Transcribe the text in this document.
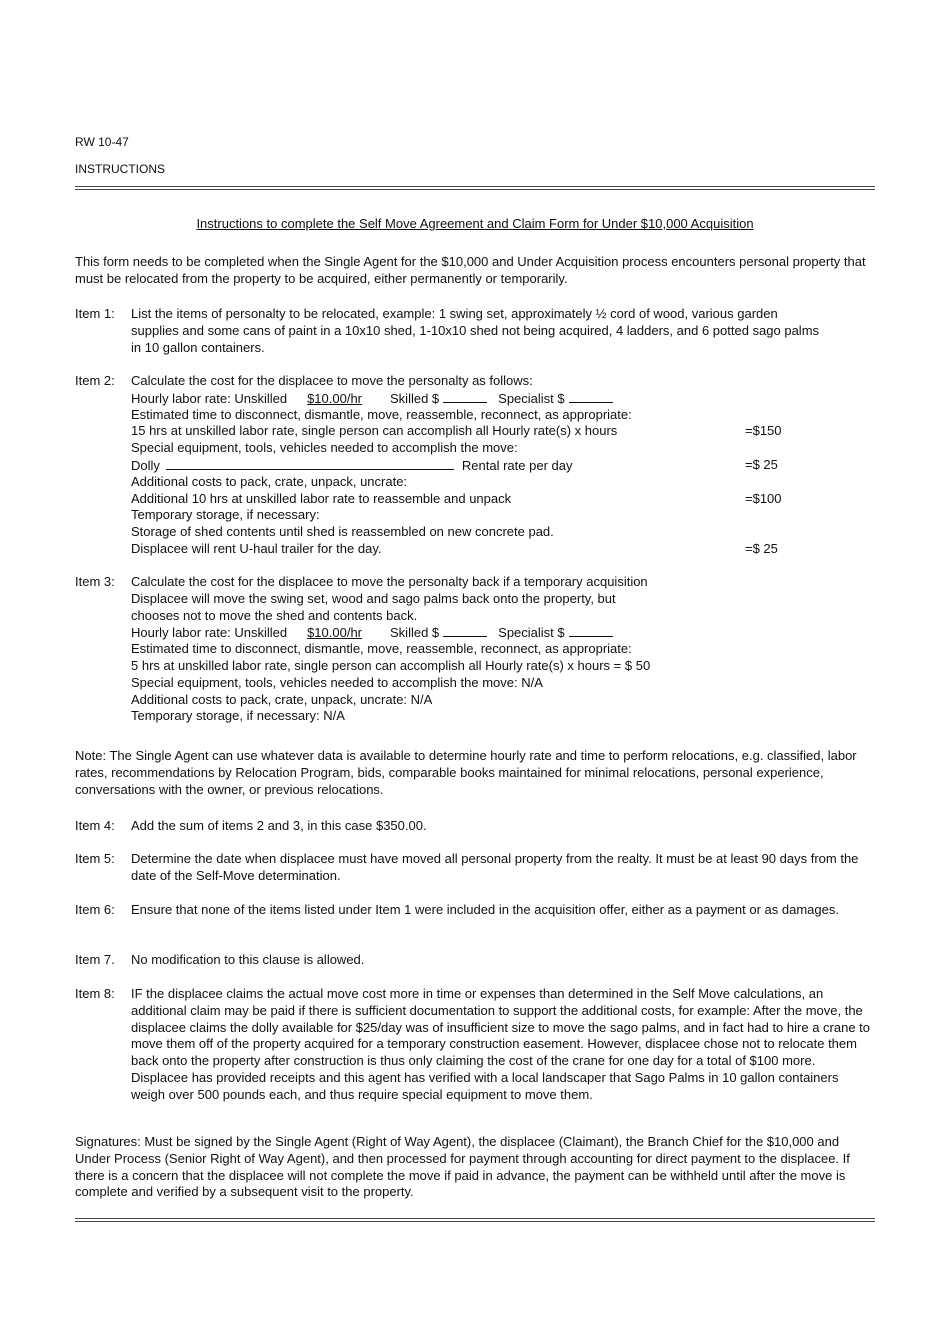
RW 10-47
INSTRUCTIONS
Instructions to complete the Self Move Agreement and Claim Form for Under $10,000 Acquisition
This form needs to be completed when the Single Agent for the $10,000 and Under Acquisition process encounters personal property that must be relocated from the property to be acquired, either permanently or temporarily.
Item 1:	List the items of personalty to be relocated, example: 1 swing set, approximately ½ cord of wood, various garden
supplies and some cans of paint in a 10x10 shed, 1-10x10 shed not being acquired, 4 ladders, and 6 potted sago palms
in 10 gallon containers.
Item 2:	Calculate the cost for the displacee to move the personalty as follows:
Hourly labor rate: Unskilled $10.00/hr Skilled $	Specialist $
Estimated time to disconnect, dismantle, move, reassemble, reconnect, as appropriate:
15 hrs at unskilled labor rate, single person can accomplish all Hourly rate(s) x hours	=$150
Special equipment, tools, vehicles needed to accomplish the move:
Dolly	Rental rate per day	=$ 25
Additional costs to pack, crate, unpack, uncrate:
Additional 10 hrs at unskilled labor rate to reassemble and unpack	=$100
Temporary storage, if necessary:
Storage of shed contents until shed is reassembled on new concrete pad.
Displacee will rent U-haul trailer for the day.	=$ 25
Item 3:	Calculate the cost for the displacee to move the personalty back if a temporary acquisition
Displacee will move the swing set, wood and sago palms back onto the property, but
chooses not to move the shed and contents back.
Hourly labor rate: Unskilled $10.00/hr Skilled $	Specialist $
Estimated time to disconnect, dismantle, move, reassemble, reconnect, as appropriate:
5 hrs at unskilled labor rate, single person can accomplish all Hourly rate(s) x hours = $ 50
Special equipment, tools, vehicles needed to accomplish the move: N/A
Additional costs to pack, crate, unpack, uncrate: N/A
Temporary storage, if necessary: N/A
Note: The Single Agent can use whatever data is available to determine hourly rate and time to perform relocations, e.g. classified, labor rates, recommendations by Relocation Program, bids, comparable books maintained for minimal relocations, personal experience, conversations with the owner, or previous relocations.
Item 4:	Add the sum of items 2 and 3, in this case $350.00.
Item 5:	Determine the date when displacee must have moved all personal property from the realty. It must be at least 90 days from the date of the Self-Move determination.
Item 6:	Ensure that none of the items listed under Item 1 were included in the acquisition offer, either as a payment or as damages.
Item 7.	No modification to this clause is allowed.
Item 8:	IF the displacee claims the actual move cost more in time or expenses than determined in the Self Move calculations, an additional claim may be paid if there is sufficient documentation to support the additional costs, for example: After the move, the displacee claims the dolly available for $25/day was of insufficient size to move the sago palms, and in fact had to hire a crane to move them off of the property acquired for a temporary construction easement. However, displacee chose not to relocate them back onto the property after construction is thus only claiming the cost of the crane for one day for a total of $100 more. Displacee has provided receipts and this agent has verified with a local landscaper that Sago Palms in 10 gallon containers weigh over 500 pounds each, and thus require special equipment to move them.
Signatures: Must be signed by the Single Agent (Right of Way Agent), the displacee (Claimant), the Branch Chief for the $10,000 and Under Process (Senior Right of Way Agent), and then processed for payment through accounting for direct payment to the displacee. If there is a concern that the displacee will not complete the move if paid in advance, the payment can be withheld until after the move is complete and verified by a subsequent visit to the property.
